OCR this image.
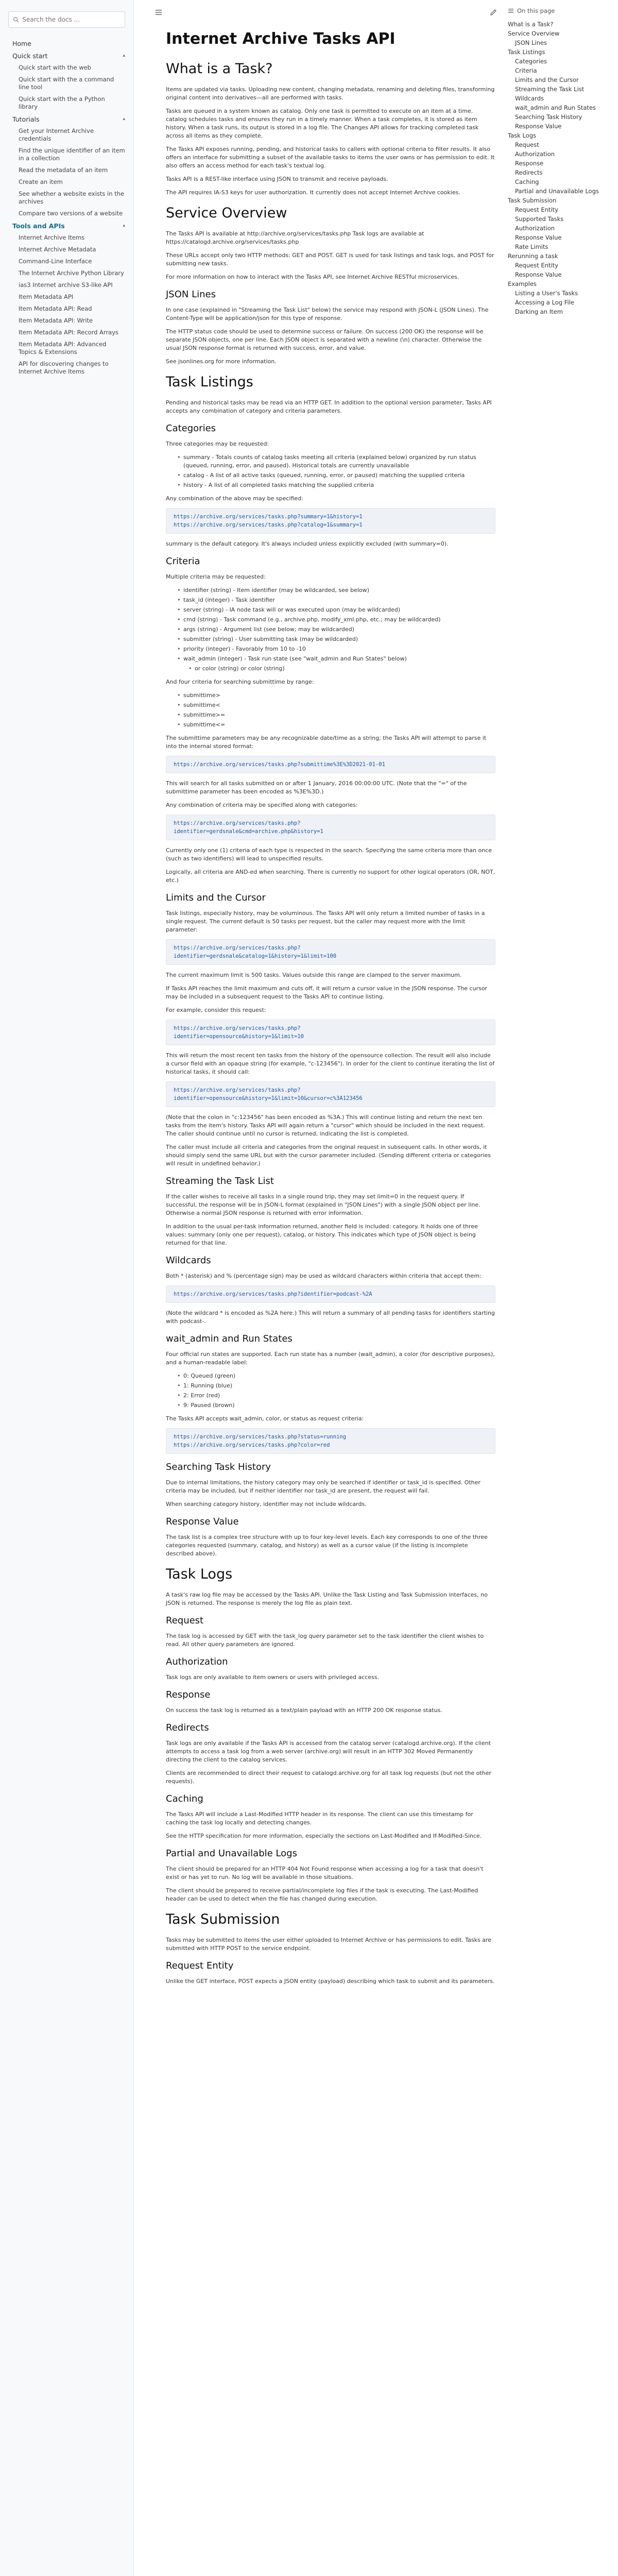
Search the docs ...
Home
Quick start	▴
Quick start with the web
Quick start with the a command line tool
Quick start with the a Python library
Tutorials	▴
Get your Internet Archive credentials
Find the unique identifier of an item in a collection
Read the metadata of an item
Create an item
See whether a website exists in the archives
Compare two versions of a website
Tools and APIs	▴
Internet Archive Items
Internet Archive Metadata
Command-Line Interface
The Internet Archive Python Library
ias3 Internet archive S3-like API
Item Metadata API
Item Metadata API: Read
Item Metadata API: Write
Item Metadata API: Record Arrays
Item Metadata API: Advanced Topics & Extensions
API for discovering changes to Internet Archive Items
Internet Archive Tasks API
What is a Task?

Items are updated via tasks. Uploading new content, changing metadata, renaming and deleting files, transforming original content into derivatives—all are performed with tasks.

Tasks are queued in a system known as catalog. Only one task is permitted to execute on an item at a time. catalog schedules tasks and ensures they run in a timely manner. When a task completes, it is stored as item history. When a task runs, its output is stored in a log file. The Changes API allows for tracking completed task across all items as they complete.

The Tasks API exposes running, pending, and historical tasks to callers with optional criteria to filter results. It also offers an interface for submitting a subset of the available tasks to items the user owns or has permission to edit. It also offers an access method for each task's textual log.

Tasks API is a REST-like interface using JSON to transmit and receive payloads.

The API requires IA-S3 keys for user authorization. It currently does not accept Internet Archive cookies.

Service Overview

The Tasks API is available at http://archive.org/services/tasks.php Task logs are available at https://catalogd.archive.org/services/tasks.php

These URLs accept only two HTTP methods: GET and POST. GET is used for task listings and task logs, and POST for submitting new tasks.

For more information on how to interact with the Tasks API, see Internet Archive RESTful microservices.

JSON Lines

In one case (explained in "Streaming the Task List" below) the service may respond with JSON-L (JSON Lines). The Content-Type will be application/json for this type of response.

The HTTP status code should be used to determine success or failure. On success (200 OK) the response will be separate JSON objects, one per line. Each JSON object is separated with a newline (\n) character. Otherwise the usual JSON response format is returned with success, error, and value.

See jsonlines.org for more information.

Task Listings

Pending and historical tasks may be read via an HTTP GET. In addition to the optional version parameter, Tasks API accepts any combination of category and criteria parameters.

Categories

Three categories may be requested:

• summary - Totals counts of catalog tasks meeting all criteria (explained below) organized by run status (queued, running, error, and paused). Historical totals are currently unavailable
• catalog - A list of all active tasks (queued, running, error, or paused) matching the supplied criteria
• history - A list of all completed tasks matching the supplied criteria

Any combination of the above may be specified:

https://archive.org/services/tasks.php?summary=1&history=1
https://archive.org/services/tasks.php?catalog=1&summary=1

summary is the default category. It's always included unless explicitly excluded (with summary=0).

Criteria

Multiple criteria may be requested:

• identifier (string) - Item identifier (may be wildcarded, see below)
• task_id (integer) - Task identifier
• server (string) - IA node task will or was executed upon (may be wildcarded)
• cmd (string) - Task command (e.g., archive.php, modify_xml.php, etc.; may be wildcarded)
• args (string) - Argument list (see below; may be wildcarded)
• submitter (string) - User submitting task (may be wildcarded)
• priority (integer) - Favorably from 10 to -10
• wait_admin (integer) - Task run state (see "wait_admin and Run States" below)
• or color (string) or color (string)

And four criteria for searching submittime by range:

• submittime>
• submittime<
• submittime>=
• submittime<=

The submittime parameters may be any recognizable date/time as a string; the Tasks API will attempt to parse it into the internal stored format:

https://archive.org/services/tasks.php?submittime%3E%3D2021-01-01

This will search for all tasks submitted on or after 1 January, 2016 00:00:00 UTC. (Note that the "=" of the submittime parameter has been encoded as %3E%3D.)

Any combination of criteria may be specified along with categories:

https://archive.org/services/tasks.php?
identifier=gerdsnale&cmd=archive.php&history=1

Currently only one (1) criteria of each type is respected in the search. Specifying the same criteria more than once (such as two identifiers) will lead to unspecified results.

Logically, all criteria are AND-ed when searching. There is currently no support for other logical operators (OR, NOT, etc.)

Limits and the Cursor

Task listings, especially history, may be voluminous. The Tasks API will only return a limited number of tasks in a single request. The current default is 50 tasks per request, but the caller may request more with the limit parameter:

https://archive.org/services/tasks.php?
identifier=gerdsnale&catalog=1&history=1&limit=100

The current maximum limit is 500 tasks. Values outside this range are clamped to the server maximum.

If Tasks API reaches the limit maximum and cuts off, it will return a cursor value in the JSON response. The cursor may be included in a subsequent request to the Tasks API to continue listing.

For example, consider this request:

https://archive.org/services/tasks.php?
identifier=opensource&history=1&limit=10

This will return the most recent ten tasks from the history of the opensource collection. The result will also include a cursor field with an opaque string (for example, "c-123456"). In order for the client to continue iterating the list of historical tasks, it should call:

https://archive.org/services/tasks.php?
identifier=opensource&history=1&limit=10&cursor=c%3A123456

(Note that the colon in "c:123456" has been encoded as %3A.) This will continue listing and return the next ten tasks from the item's history. Tasks API will again return a "cursor" which should be included in the next request. The caller should continue until no cursor is returned, indicating the list is completed.

The caller must include all criteria and categories from the original request in subsequent calls. In other words, it should simply send the same URL but with the cursor parameter included. (Sending different criteria or categories will result in undefined behavior.)

Streaming the Task List

If the caller wishes to receive all tasks in a single round trip, they may set limit=0 in the request query. If successful, the response will be in JSON-L format (explained in "JSON Lines") with a single JSON object per line. Otherwise a normal JSON response is returned with error information.

In addition to the usual per-task information returned, another field is included: category. It holds one of three values: summary (only one per request), catalog, or history. This indicates which type of JSON object is being returned for that line.

Wildcards

Both * (asterisk) and % (percentage sign) may be used as wildcard characters within criteria that accept them:

https://archive.org/services/tasks.php?identifier=podcast-%2A

(Note the wildcard * is encoded as %2A here.) This will return a summary of all pending tasks for identifiers starting with podcast-.

wait_admin and Run States

Four official run states are supported. Each run state has a number (wait_admin), a color (for descriptive purposes), and a human-readable label:

• 0: Queued (green)
• 1: Running (blue)
• 2: Error (red)
• 9: Paused (brown)

The Tasks API accepts wait_admin, color, or status as request criteria:

https://archive.org/services/tasks.php?status=running
https://archive.org/services/tasks.php?color=red
Searching Task History

Due to internal limitations, the history category may only be searched if identifier or task_id is specified. Other criteria may be included, but if neither identifier nor task_id are present, the request will fail.

When searching category history, identifier may not include wildcards.

Response Value

The task list is a complex tree structure with up to four key-level levels. Each key corresponds to one of the three categories requested (summary, catalog, and history) as well as a cursor value (if the listing is incomplete described above).

Task Logs

A task's raw log file may be accessed by the Tasks API. Unlike the Task Listing and Task Submission interfaces, no JSON is returned. The response is merely the log file as plain text.

Request

The task log is accessed by GET with the task_log query parameter set to the task identifier the client wishes to read. All other query parameters are ignored.

Authorization

Task logs are only available to item owners or users with privileged access.

Response

On success the task log is returned as a text/plain payload with an HTTP 200 OK response status.

Redirects

Task logs are only available if the Tasks API is accessed from the catalog server (catalogd.archive.org). If the client attempts to access a task log from a web server (archive.org) will result in an HTTP 302 Moved Permanently directing the client to the catalog services.

Clients are recommended to direct their request to catalogd.archive.org for all task log requests (but not the other requests).

Caching

The Tasks API will include a Last-Modified HTTP header in its response. The client can use this timestamp for caching the task log locally and detecting changes.

See the HTTP specification for more information, especially the sections on Last-Modified and If-Modified-Since.

Partial and Unavailable Logs

The client should be prepared for an HTTP 404 Not Found response when accessing a log for a task that doesn't exist or has yet to run. No log will be available in those situations.

The client should be prepared to receive partial/incomplete log files if the task is executing. The Last-Modified header can be used to detect when the file has changed during execution.

Task Submission

Tasks may be submitted to items the user either uploaded to Internet Archive or has permissions to edit. Tasks are submitted with HTTP POST to the service endpoint.

Request Entity

Unlike the GET interface, POST expects a JSON entity (payload) describing which task to submit and its parameters.

On this page
What is a Task?
Service Overview
JSON Lines
Task Listings
Categories
Criteria
Limits and the Cursor
Streaming the Task List
Wildcards
wait_admin and Run States
Searching Task History
Response Value
Task Logs
Request
Authorization
Response
Redirects
Caching
Partial and Unavailable Logs
Task Submission
Request Entity
Supported Tasks
Authorization
Response Value
Rate Limits
Rerunning a task
Request Entity
Response Value
Examples
Listing a User's Tasks
Accessing a Log File
Darking an Item
